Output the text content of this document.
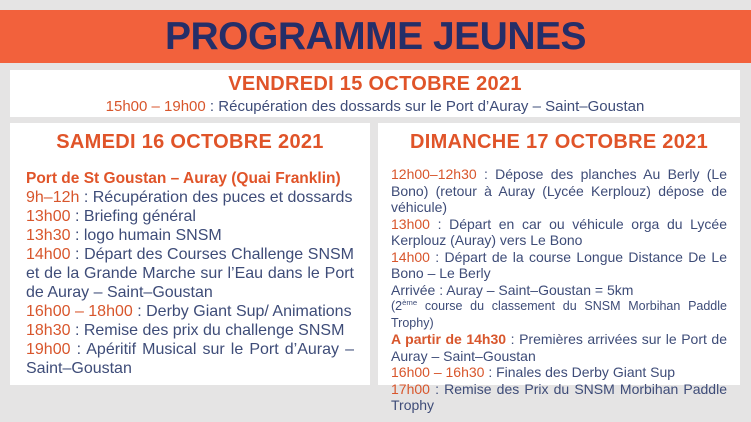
PROGRAMME JEUNES
VENDREDI 15 OCTOBRE 2021

15h00 – 19h00 : Récupération des dossards sur le Port d’Auray – Saint–Goustan

SAMEDI 16 OCTOBRE 2021

Port de St Goustan – Auray (Quai Franklin)

9h–12h : Récupération des puces et dossards

13h00 : Briefing général

13h30 : logo humain SNSM

14h00 : Départ des Courses Challenge SNSM et de la Grande Marche sur l’Eau dans le Port de Auray – Saint–Goustan

16h00 – 18h00 : Derby Giant Sup/ Animations

18h30 : Remise des prix du challenge SNSM

19h00 : Apéritif Musical sur le Port d’Auray – Saint–Goustan

DIMANCHE 17 OCTOBRE 2021

12h00–12h30 : Dépose des planches Au Berly (Le Bono) (retour à Auray (Lycée Kerplouz) dépose de véhicule)

13h00 : Départ en car ou véhicule orga du Lycée Kerplouz (Auray) vers Le Bono

14h00 : Départ de la course Longue Distance De Le Bono – Le Berly

Arrivée : Auray – Saint–Goustan = 5km

(2ème course du classement du SNSM Morbihan Paddle Trophy)

A partir de 14h30 : Premières arrivées sur le Port de Auray – Saint–Goustan

16h00 – 16h30 : Finales des Derby Giant Sup

17h00 : Remise des Prix du SNSM Morbihan Paddle Trophy
